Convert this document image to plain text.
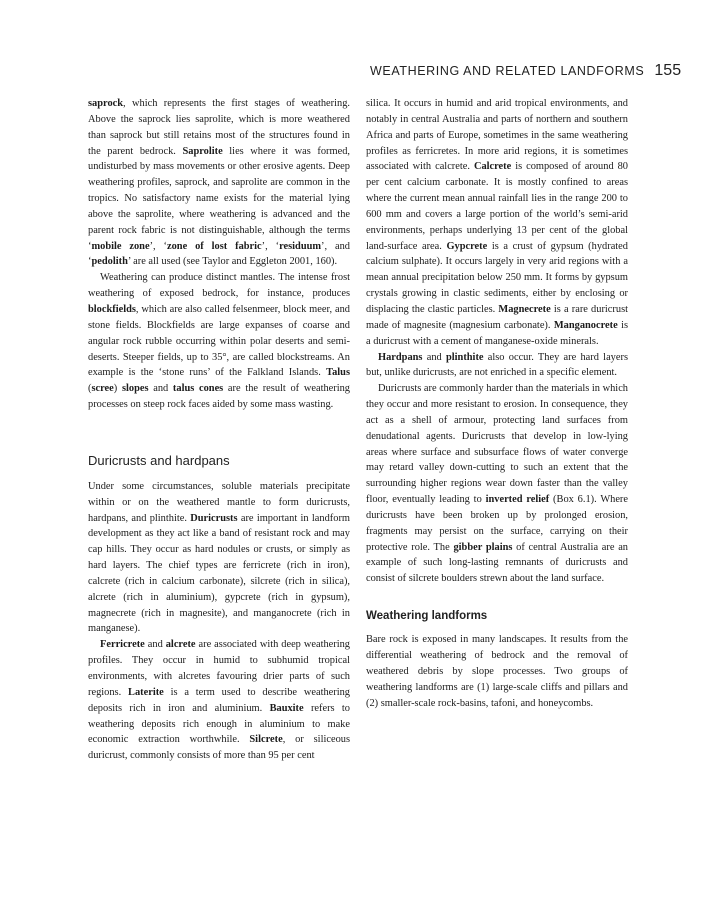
WEATHERING AND RELATED LANDFORMS 155

saprock, which represents the first stages of weathering. Above the saprock lies saprolite, which is more weathered than saprock but still retains most of the structures found in the parent bedrock. Saprolite lies where it was formed, undisturbed by mass movements or other erosive agents. Deep weathering profiles, saprock, and saprolite are common in the tropics. No satisfactory name exists for the material lying above the saprolite, where weathering is advanced and the parent rock fabric is not distinguishable, although the terms ‘mobile zone’, ‘zone of lost fabric’, ‘residuum’, and ‘pedolith’ are all used (see Taylor and Eggleton 2001, 160).

Weathering can produce distinct mantles. The intense frost weathering of exposed bedrock, for instance, produces blockfields, which are also called felsenmeer, block meer, and stone fields. Blockfields are large expanses of coarse and angular rock rubble occurring within polar deserts and semi-deserts. Steeper fields, up to 35°, are called blockstreams. An example is the ‘stone runs’ of the Falkland Islands. Talus (scree) slopes and talus cones are the result of weathering processes on steep rock faces aided by some mass wasting.

Duricrusts and hardpans

Under some circumstances, soluble materials precipitate within or on the weathered mantle to form duricrusts, hardpans, and plinthite. Duricrusts are important in landform development as they act like a band of resistant rock and may cap hills. They occur as hard nodules or crusts, or simply as hard layers. The chief types are ferricrete (rich in iron), calcrete (rich in calcium carbonate), silcrete (rich in silica), alcrete (rich in aluminium), gypcrete (rich in gypsum), magnecrete (rich in magnesite), and manganocrete (rich in manganese).

Ferricrete and alcrete are associated with deep weathering profiles. They occur in humid to subhumid tropical environments, with alcretes favouring drier parts of such regions. Laterite is a term used to describe weathering deposits rich in iron and aluminium. Bauxite refers to weathering deposits rich enough in aluminium to make economic extraction worthwhile. Silcrete, or siliceous duricrust, commonly consists of more than 95 per cent

silica. It occurs in humid and arid tropical environments, and notably in central Australia and parts of northern and southern Africa and parts of Europe, sometimes in the same weathering profiles as ferricretes. In more arid regions, it is sometimes associated with calcrete. Calcrete is composed of around 80 per cent calcium carbonate. It is mostly confined to areas where the current mean annual rainfall lies in the range 200 to 600 mm and covers a large portion of the world’s semi-arid environments, perhaps underlying 13 per cent of the global land-surface area. Gypcrete is a crust of gypsum (hydrated calcium sulphate). It occurs largely in very arid regions with a mean annual precipitation below 250 mm. It forms by gypsum crystals growing in clastic sediments, either by enclosing or displacing the clastic particles. Magnecrete is a rare duricrust made of magnesite (magnesium carbonate). Manganocrete is a duricrust with a cement of manganese-oxide minerals.

Hardpans and plinthite also occur. They are hard layers but, unlike duricrusts, are not enriched in a specific element.

Duricrusts are commonly harder than the materials in which they occur and more resistant to erosion. In consequence, they act as a shell of armour, protecting land surfaces from denudational agents. Duricrusts that develop in low-lying areas where surface and subsurface flows of water converge may retard valley down-cutting to such an extent that the surrounding higher regions wear down faster than the valley floor, eventually leading to inverted relief (Box 6.1). Where duricrusts have been broken up by prolonged erosion, fragments may persist on the surface, carrying on their protective role. The gibber plains of central Australia are an example of such long-lasting remnants of duricrusts and consist of silcrete boulders strewn about the land surface.

Weathering landforms

Bare rock is exposed in many landscapes. It results from the differential weathering of bedrock and the removal of weathered debris by slope processes. Two groups of weathering landforms are (1) large-scale cliffs and pillars and (2) smaller-scale rock-basins, tafoni, and honeycombs.
